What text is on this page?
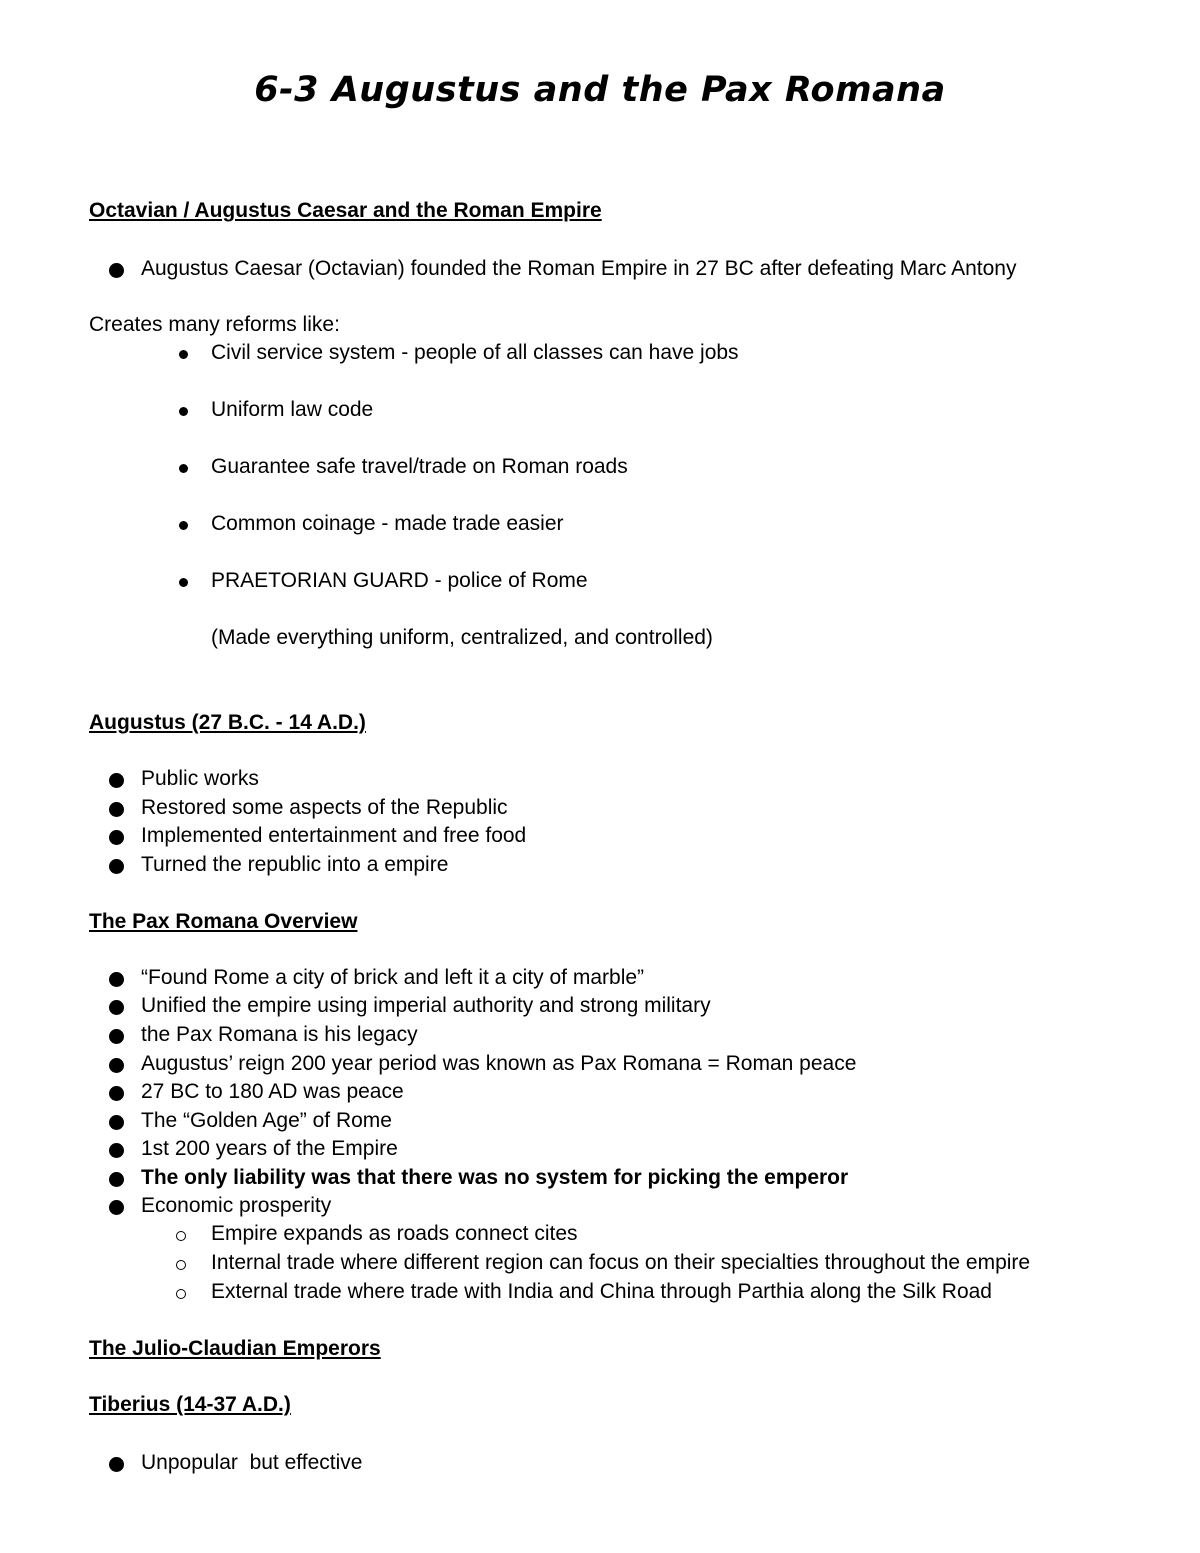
6-3 Augustus and the Pax Romana
Octavian / Augustus Caesar and the Roman Empire
Augustus Caesar (Octavian) founded the Roman Empire in 27 BC after defeating Marc Antony
Creates many reforms like:
Civil service system - people of all classes can have jobs
Uniform law code
Guarantee safe travel/trade on Roman roads
Common coinage - made trade easier
PRAETORIAN GUARD - police of Rome
(Made everything uniform, centralized, and controlled)
Augustus (27 B.C. - 14 A.D.)
Public works
Restored some aspects of the Republic
Implemented entertainment and free food
Turned the republic into a empire
The Pax Romana Overview
“Found Rome a city of brick and left it a city of marble”
Unified the empire using imperial authority and strong military
the Pax Romana is his legacy
Augustus’ reign 200 year period was known as Pax Romana = Roman peace
27 BC to 180 AD was peace
The “Golden Age” of Rome
1st 200 years of the Empire
The only liability was that there was no system for picking the emperor
Economic prosperity
Empire expands as roads connect cites
Internal trade where different region can focus on their specialties throughout the empire
External trade where trade with India and China through Parthia along the Silk Road
The Julio-Claudian Emperors
Tiberius (14-37 A.D.)
Unpopular  but effective
